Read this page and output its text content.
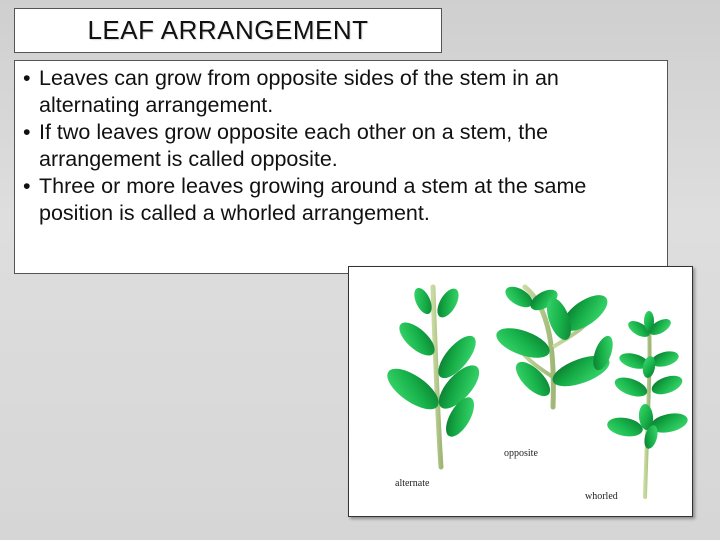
LEAF ARRANGEMENT
• Leaves can grow from opposite sides of the stem in an alternating arrangement.
• If two leaves grow opposite each other on a stem, the arrangement is called opposite.
• Three or more leaves growing around a stem at the same position is called a whorled arrangement.
opposite
alternate
whorled
